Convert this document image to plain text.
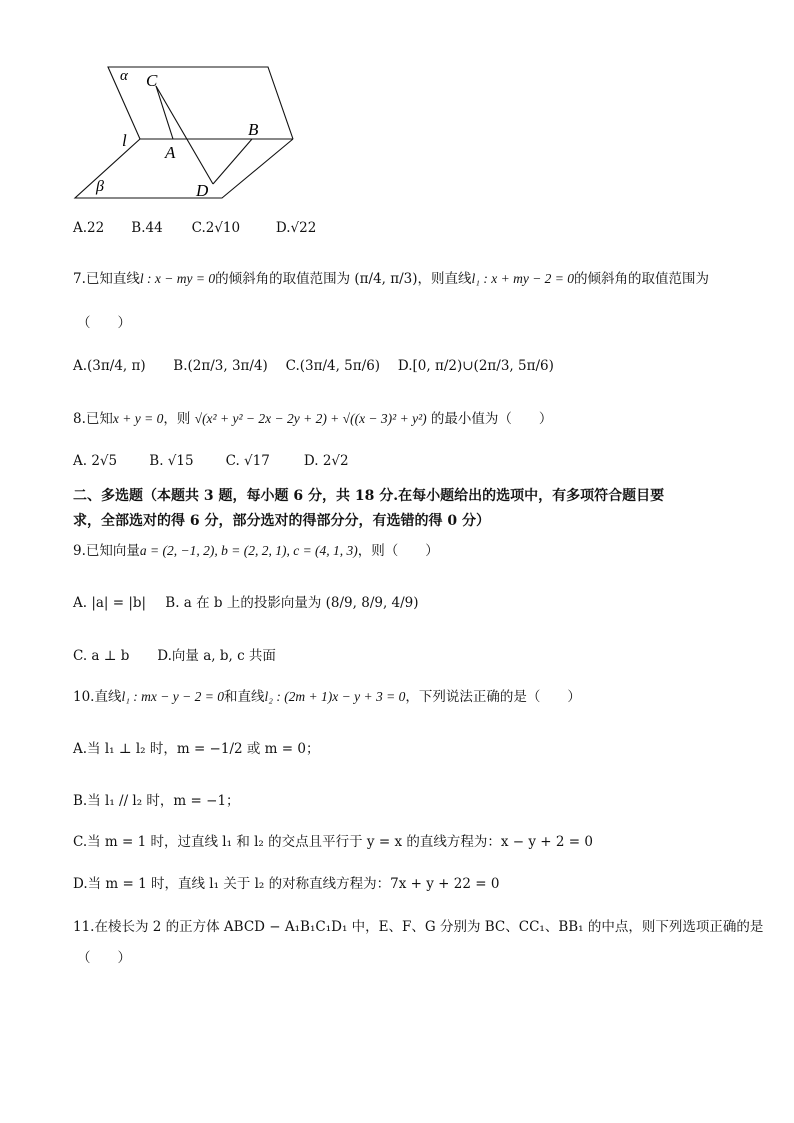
α C
l
A
B
β	D
A.22 B.44 C.2√10	D.√22
7.已知直线l : x − my = 0的倾斜角的取值范围为 (π/4, π/3)，则直线l₁ : x + my − 2 = 0的倾斜角的取值范围为
（　　）
A.(3π/4, π) B.(2π/3, 3π/4) C.(3π/4, 5π/6) D.[0, π/2)∪(2π/3, 5π/6)
8.已知x + y = 0，则 √(x² + y² − 2x − 2y + 2) + √((x − 3)² + y²) 的最小值为（　　）
A. 2√5 B. √15 C. √17	D. 2√2
二、多选题（本题共 3 题，每小题 6 分，共 18 分.在每小题给出的选项中，有多项符合题目要
求，全部选对的得 6 分，部分选对的得部分分，有选错的得 0 分）
9.已知向量a = (2, −1, 2), b = (2, 2, 1), c = (4, 1, 3)，则（　　）
A. |a| = |b| B. a 在 b 上的投影向量为 (8/9, 8/9, 4/9)
C. a ⊥ b D.向量 a, b, c 共面
10.直线l₁ : mx − y − 2 = 0和直线l₂ : (2m + 1)x − y + 3 = 0，下列说法正确的是（　　）
A.当 l₁ ⊥ l₂ 时，m = −1/2 或 m = 0；
B.当 l₁ // l₂ 时，m = −1；
C.当 m = 1 时，过直线 l₁ 和 l₂ 的交点且平行于 y = x 的直线方程为：x − y + 2 = 0
D.当 m = 1 时，直线 l₁ 关于 l₂ 的对称直线方程为：7x + y + 22 = 0
11.在棱长为 2 的正方体 ABCD − A₁B₁C₁D₁ 中，E、F、G 分别为 BC、CC₁、BB₁ 的中点，则下列选项正确的是
（　　）
